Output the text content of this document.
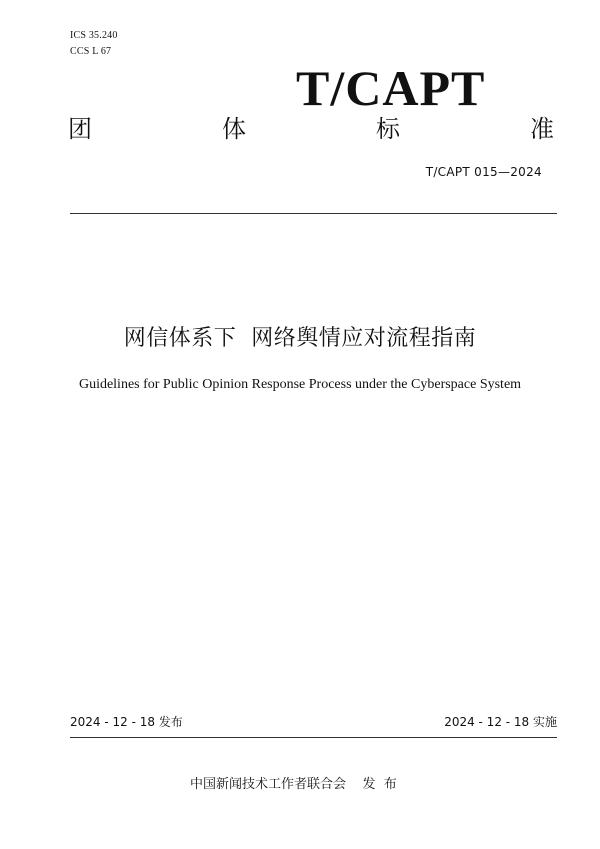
ICS 35.240
CCS L 67
T/CAPT
团	体	标	准
T/CAPT 015—2024
网信体系下  网络舆情应对流程指南
Guidelines for Public Opinion Response Process under the Cyberspace System
2024 - 12 - 18 发布	2024 - 12 - 18 实施
中国新闻技术工作者联合会    发  布
